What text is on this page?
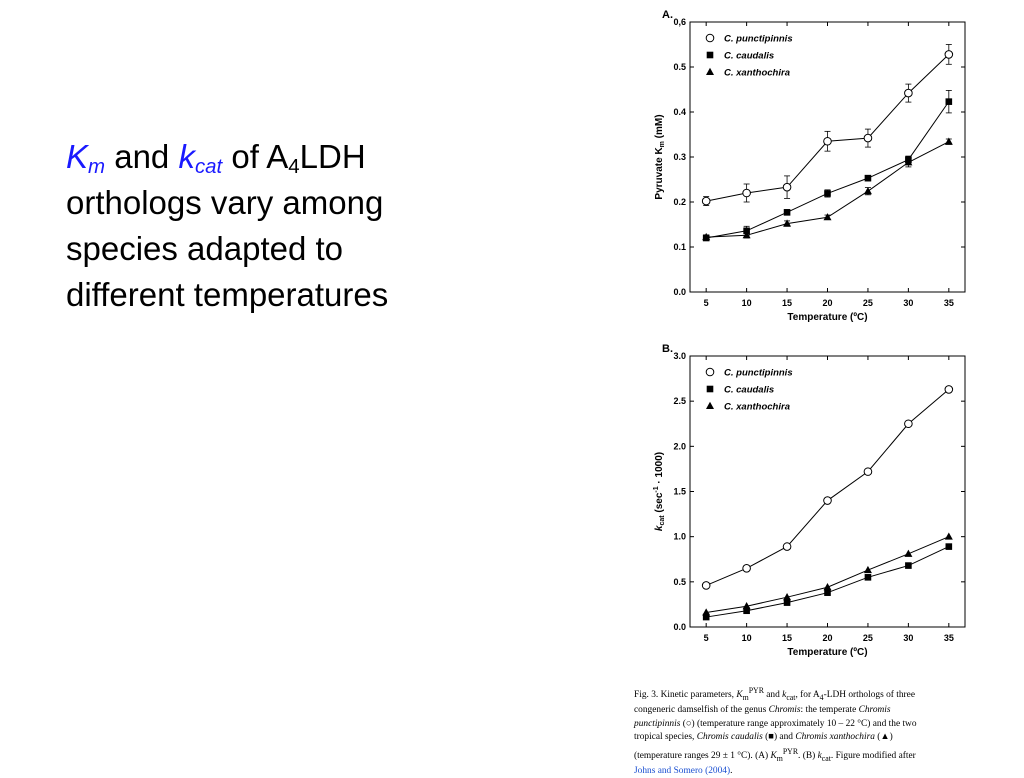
$K_m$ and $k_{cat}$ of $A_4LDH$
orthologs vary among
species adapted to
different temperatures
A.
0.0
0.1
0.2
0.3
0.4
0.5
0,6
5	10	15	20	25	30	35
Temperature (ºC)
Pyruvate $K_m$ (mM)
C. punctipinnis
C. caudalis
C. xanthochira
B.
0.0
0.5
1.0
1.5
2.0
2.5
3.0
5	10	15	20	25	30	35
Temperature (ºC)
$k_{cat}$ $(\sec^{-1} \cdot 1000)$
C. punctipinnis
C. caudalis
C. xanthochira
Fig. 3. Kinetic parameters, $K_m^{PYR}$ and $k_{cat}$, for $A_4$-LDH orthologs of three
congeneric damselfish of the genus Chromis: the temperate Chromis
punctipinnis (○) (temperature range approximately 10 – 22 °C) and the two
tropical species, Chromis caudalis (■) and Chromis xanthochira (▲)
(temperature ranges 29 ± 1 °C). (A) $K_m^{PYR}$. (B) $k_{cat}$. Figure modified after
Johns and Somero (2004).
